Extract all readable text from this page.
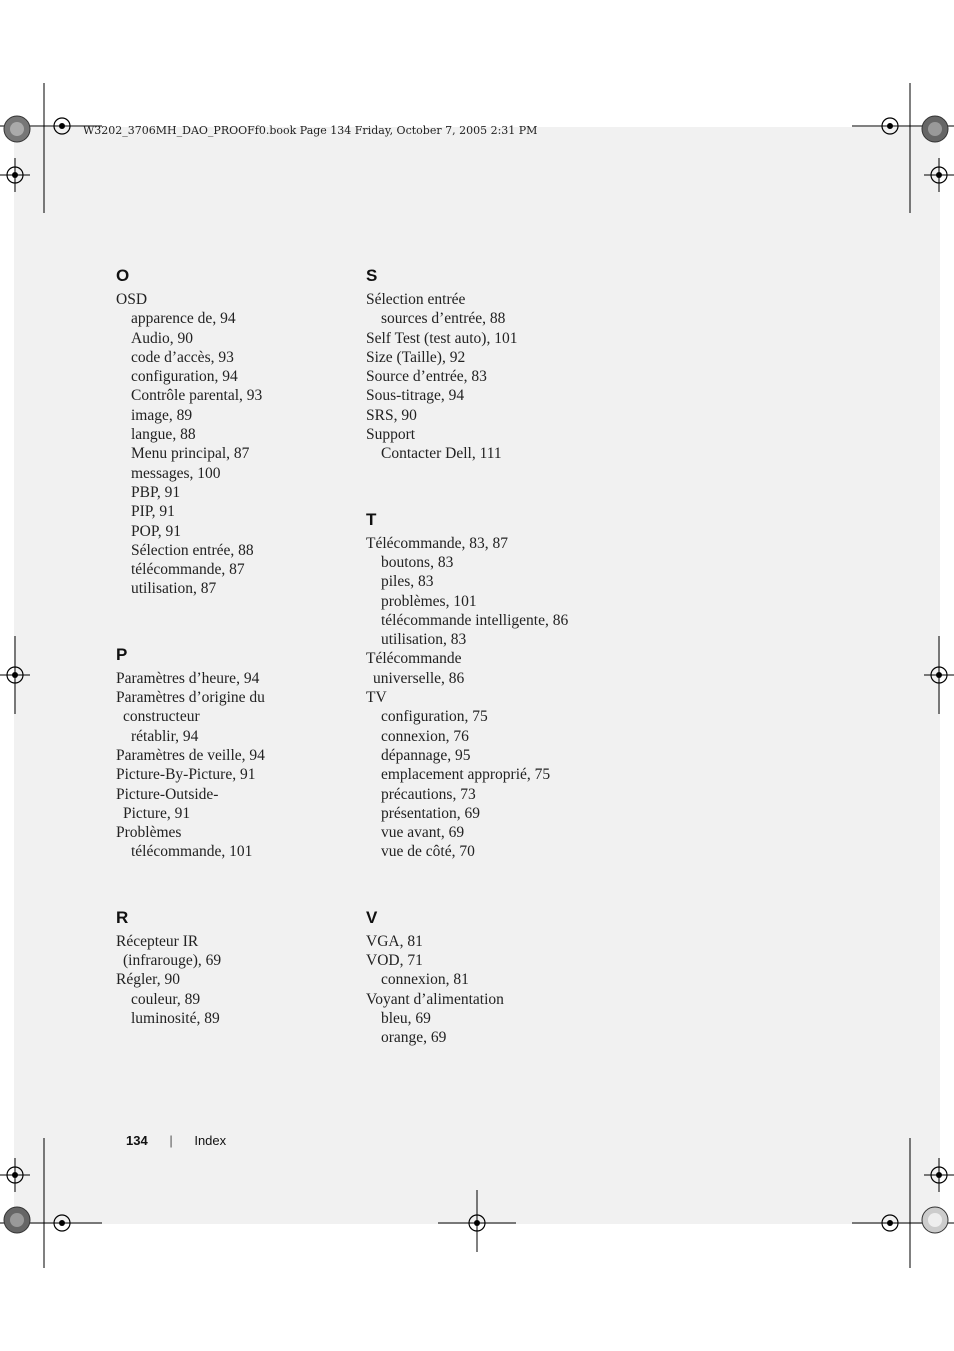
W3202_3706MH_DAO_PROOFf0.book Page 134 Friday, October 7, 2005 2:31 PM
O
OSD
apparence de, 94
Audio, 90
code d’accès, 93
configuration, 94
Contrôle parental, 93
image, 89
langue, 88
Menu principal, 87
messages, 100
PBP, 91
PIP, 91
POP, 91
Sélection entrée, 88
télécommande, 87
utilisation, 87
P
Paramètres d’heure, 94
Paramètres d’origine du
constructeur
rétablir, 94
Paramètres de veille, 94
Picture-By-Picture, 91
Picture-Outside-
Picture, 91
Problèmes
télécommande, 101
R
Récepteur IR
(infrarouge), 69
Régler, 90
couleur, 89
luminosité, 89
S
Sélection entrée
sources d’entrée, 88
Self Test (test auto), 101
Size (Taille), 92
Source d’entrée, 83
Sous-titrage, 94
SRS, 90
Support
Contacter Dell, 111
T
Télécommande, 83, 87
boutons, 83
piles, 83
problèmes, 101
télécommande intelligente, 86
utilisation, 83
Télécommande
universelle, 86
TV
configuration, 75
connexion, 76
dépannage, 95
emplacement approprié, 75
précautions, 73
présentation, 69
vue avant, 69
vue de côté, 70
V
VGA, 81
VOD, 71
connexion, 81
Voyant d’alimentation
bleu, 69
orange, 69
134 | Index
